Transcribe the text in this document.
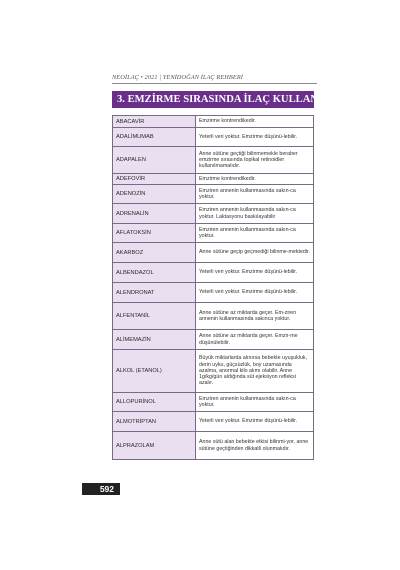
NEOİLAÇ • 2021 | YENİDOĞAN İLAÇ REHBERİ
3. EMZİRME SIRASINDA İLAÇ KULLANIMI
ABACAVİR	Emzirme kontrendikedir.
ADALİMUMAB	Yeterli veri yoktur. Emzirme düşünü-lebilir.
ADAPALEN	Anne sütüne geçtiği bilinmemekle beraber emzirme sırasında topikal retinoidler kullanılmamalıdır.
ADEFOVİR	Emzirme kontrendikedir.
ADENOZİN	Emziren annenin kullanmasında sakın-ca yoktur.
ADRENALİN	Emziren annenin kullanmasında sakın-ca yoktur. Laktasyonu baskılayabilir
AFLATOKSİN	Emziren annenin kullanmasında sakın-ca yoktur.
AKARBOZ	Anne sütüne geçip geçmediği bilinme-mektedir.
ALBENDAZOL	Yeterli veri yoktur. Emzirme düşünü-lebilir.
ALENDRONAT	Yeterli veri yoktur. Emzirme düşünü-lebilir.
ALFENTANİL	Anne sütüne az miktarda geçer. Em-ziren annenin kullanmasında sakınca yoktur.
ALİMEMAZİN	Anne sütüne az miktarda geçer. Emzir-me düşünülebilir.
ALKOL (ETANOL)	Büyük miktarlarda alınırsa bebekte uyuşukluk, derin uyku, güçsüzlük, boy uzamasında azalma, anormal kilo alımı olabilir. Anne 1g/kg/gün aldığında süt ejeksiyon refleksi azalır.
ALLOPURİNOL	Emziren annenin kullanmasında sakın-ca yoktur.
ALMOTRİPTAN	Yeterli veri yoktur. Emzirme düşünü-lebilir.
ALPRAZOLAM	Anne sütü alan bebekte etkisi bilinmi-yor, anne sütüne geçtiğinden dikkatli olunmalıdır.
592
